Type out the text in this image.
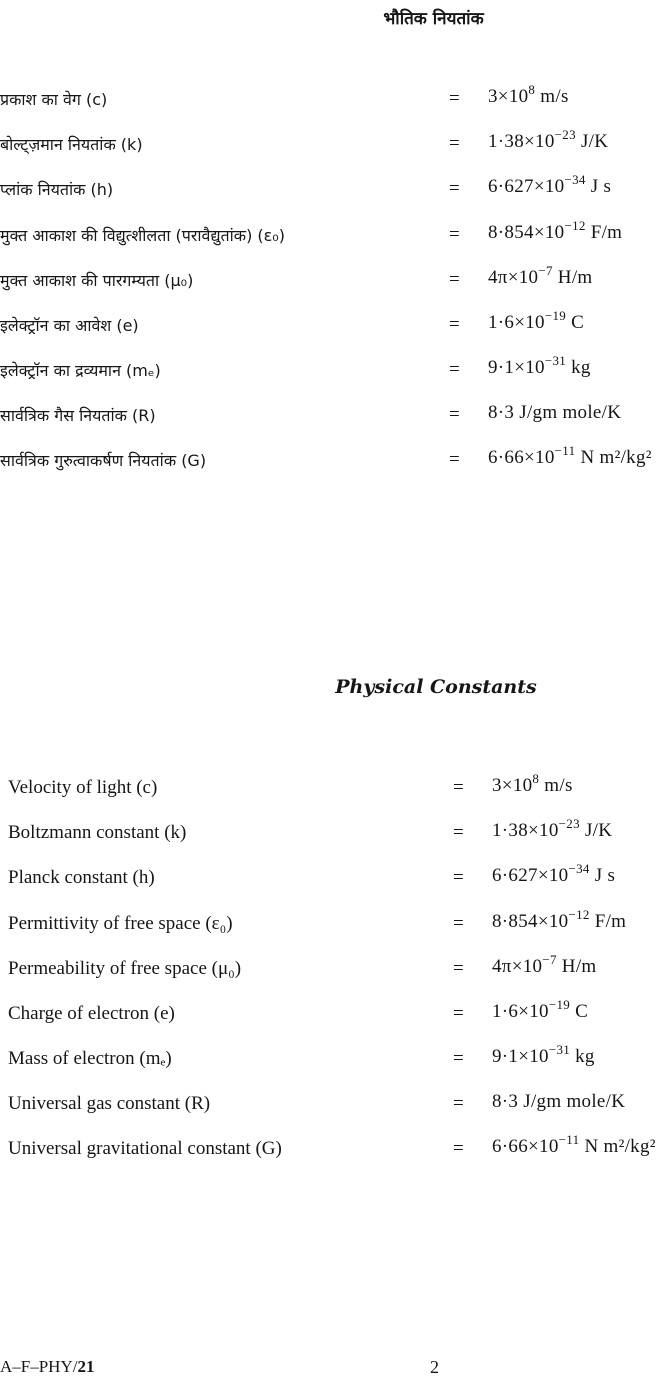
भौतिक नियतांक
प्रकाश का वेग (c)	= $3\times 10^8$ m/s
बोल्ट्ज़मान नियतांक (k)	= $1\cdot 38\times 10^{-23}$ J/K
प्लांक नियतांक (h)	= $6\cdot 627\times 10^{-34}$ J s
मुक्त आकाश की विद्युत्शीलता (परावैद्युतांक) (ε₀)	= $8\cdot 854\times 10^{-12}$ F/m
मुक्त आकाश की पारगम्यता (μ₀)	= $4\pi\times 10^{-7}$ H/m
इलेक्ट्रॉन का आवेश (e)	= $1\cdot 6\times 10^{-19}$ C
इलेक्ट्रॉन का द्रव्यमान (mₑ)	= $9\cdot 1\times 10^{-31}$ kg
सार्वत्रिक गैस नियतांक (R)	= 8·3 J/gm mole/K
सार्वत्रिक गुरुत्वाकर्षण नियतांक (G)	= $6\cdot 66\times 10^{-11}$ N m²/kg²
Physical Constants
Velocity of light (c)	= $3\times 10^8$ m/s
Boltzmann constant (k)	= $1\cdot 38\times 10^{-23}$ J/K
Planck constant (h)	= $6\cdot 627\times 10^{-34}$ J s
Permittivity of free space (ε₀)	= $8\cdot 854\times 10^{-12}$ F/m
Permeability of free space (μ₀)	= $4\pi\times 10^{-7}$ H/m
Charge of electron (e)	= $1\cdot 6\times 10^{-19}$ C
Mass of electron (mₑ)	= $9\cdot 1\times 10^{-31}$ kg
Universal gas constant (R)	= 8·3 J/gm mole/K
Universal gravitational constant (G)	= $6\cdot 66\times 10^{-11}$ N m²/kg²
A–F–PHY/21	2
